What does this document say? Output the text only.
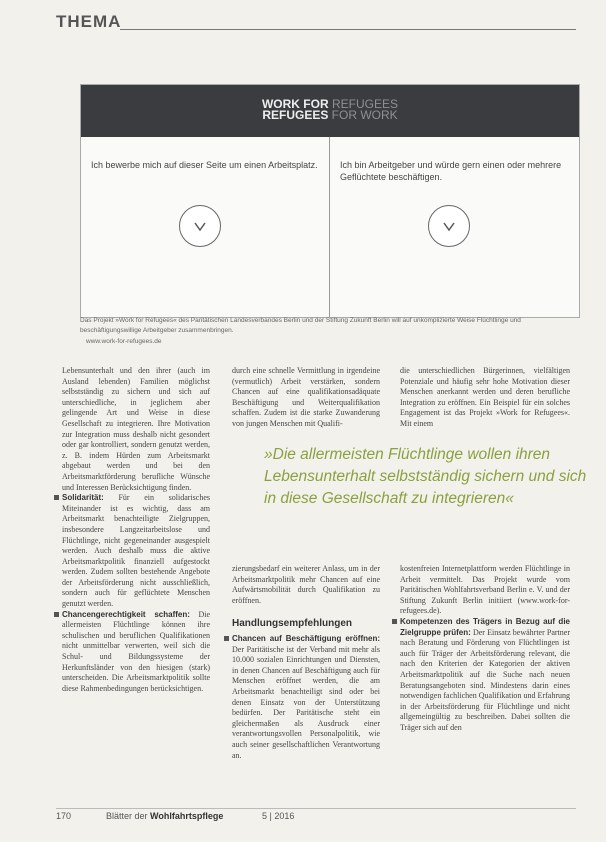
THEMA
WORK FOR REFUGEES
REFUGEES FOR WORK
Ich bewerbe mich auf dieser Seite um einen Arbeitsplatz. Ich bin Arbeitgeber und würde gern einen oder mehrere Geflüchtete beschäftigen.
Das Projekt »Work for Refugees« des Paritätischen Landesverbandes Berlin und der Stiftung Zukunft Berlin will auf unkomplizierte Weise Flüchtlinge und beschäftigungswillige Arbeitgeber zusammenbringen.
www.work-for-refugees.de

Lebensunterhalt und den ihrer (auch im Ausland lebenden) Familien möglichst selbstständig zu sichern und sich auf unterschiedliche, in jeglichem aber gelingende Art und Weise in diese Gesellschaft zu integrieren. Ihre Motivation zur Integration muss deshalb nicht gesondert oder gar kontrolliert, sondern genutzt werden, z. B. indem Hürden zum Arbeitsmarkt abgebaut werden und bei den Arbeitsmarktförderung berufliche Wünsche und Interessen Berücksichtigung finden.

Solidarität: Für ein solidarisches Miteinander ist es wichtig, dass am Arbeitsmarkt benachteiligte Zielgruppen, insbesondere Langzeitarbeitslose und Flüchtlinge, nicht gegeneinander ausgespielt werden. Auch deshalb muss die aktive Arbeitsmarktpolitik finanziell aufgestockt werden. Zudem sollten bestehende Angebote der Arbeitsförderung nicht ausschließlich, sondern auch für geflüchtete Menschen genutzt werden.

Chancengerechtigkeit schaffen: Die allermeisten Flüchtlinge können ihre schulischen und beruflichen Qualifikationen nicht unmittelbar verwerten, weil sich die Schul- und Bildungssysteme der Herkunftsländer von den hiesigen (stark) unterscheiden. Die Arbeitsmarktpolitik sollte diese Rahmenbedingungen berücksichtigen.

durch eine schnelle Vermittlung in irgendeine (vermutlich) Arbeit verstärken, sondern Chancen auf eine qualifikationsadäquate Beschäftigung und Weiterqualifikation schaffen. Zudem ist die starke Zuwanderung von jungen Menschen mit Qualifi-
die unterschiedlichen Bürgerinnen, vielfältigen Potenziale und häufig sehr hohe Motivation dieser Menschen anerkannt werden und deren berufliche Integration zu eröffnen. Ein Beispiel für ein solches Engagement ist das Projekt »Work for Refugees«. Mit einem
»Die allermeisten Flüchtlinge wollen ihren Lebensunterhalt selbstständig sichern und sich in diese Gesellschaft zu integrieren«
zierungsbedarf ein weiterer Anlass, um in der Arbeitsmarktpolitik mehr Chancen auf eine Aufwärtsmobilität durch Qualifikation zu eröffnen.
Handlungsempfehlungen

Chancen auf Beschäftigung eröffnen: Der Paritätische ist der Verband mit mehr als 10.000 sozialen Einrichtungen und Diensten, in denen Chancen auf Beschäftigung auch für Menschen eröffnet werden, die am Arbeitsmarkt benachteiligt sind oder bei denen Einsatz von der Unterstützung bedürfen. Der Paritätische steht ein gleichermaßen als Ausdruck einer verantwortungsvollen Personalpolitik, wie auch seiner gesellschaftlichen Verantwortung an.

kostenfreien Internetplattform werden Flüchtlinge in Arbeit vermittelt. Das Projekt wurde vom Paritätischen Wohlfahrtsverband Berlin e. V. und der Stiftung Zukunft Berlin initiiert (www.work-for-refugees.de).

Kompetenzen des Trägers in Bezug auf die Zielgruppe prüfen: Der Einsatz bewährter Partner nach Beratung und Förderung von Flüchtlingen ist auch für Träger der Arbeitsförderung relevant, die nach den Kriterien der Kategorien der aktiven Arbeitsmarktpolitik auf die Suche nach neuen Beratungsangeboten sind. Mindestens darin eines notwendigen fachlichen Qualifikation und Erfahrung in der Arbeitsförderung für Flüchtlinge und nicht allgemeingültig zu beschreiben. Dabei sollten die Träger sich auf den

170	Blätter der Wohlfahrtspflege	5 | 2016
